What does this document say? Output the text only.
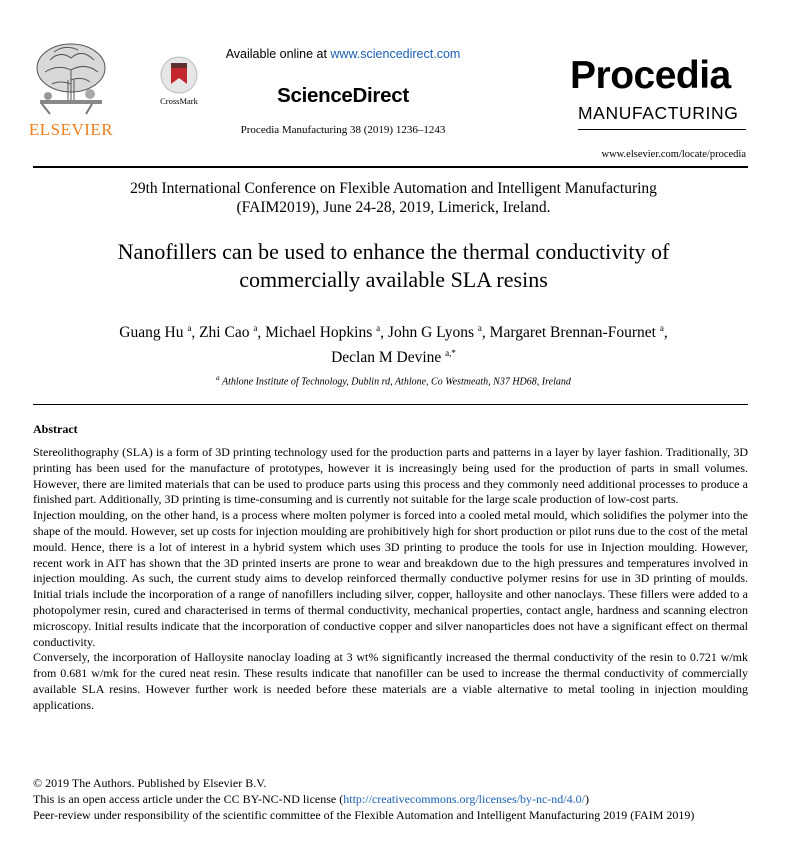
ELSEVIER
CrossMark
Available online at www.sciencedirect.com
ScienceDirect
Procedia Manufacturing 38 (2019) 1236–1243
Procedia
MANUFACTURING
www.elsevier.com/locate/procedia
29th International Conference on Flexible Automation and Intelligent Manufacturing
(FAIM2019), June 24-28, 2019, Limerick, Ireland.
Nanofillers can be used to enhance the thermal conductivity of
commercially available SLA resins
Guang Hu $^a$, Zhi Cao $^a$, Michael Hopkins $^a$, John G Lyons $^a$, Margaret Brennan-Fournet $^a$,
Declan M Devine $^{a,*}$
$^a$ Athlone Institute of Technology, Dublin rd, Athlone, Co Westmeath, N37 HD68, Ireland
Abstract

Stereolithography (SLA) is a form of 3D printing technology used for the production parts and patterns in a layer by layer fashion. Traditionally, 3D printing has been used for the manufacture of prototypes, however it is increasingly being used for the production of parts in small volumes. However, there are limited materials that can be used to produce parts using this process and they commonly need additional processes to produce a finished part. Additionally, 3D printing is time-consuming and is currently not suitable for the large scale production of low-cost parts.

Injection moulding, on the other hand, is a process where molten polymer is forced into a cooled metal mould, which solidifies the polymer into the shape of the mould. However, set up costs for injection moulding are prohibitively high for short production or pilot runs due to the cost of the metal mould. Hence, there is a lot of interest in a hybrid system which uses 3D printing to produce the tools for use in Injection moulding. However, recent work in AIT has shown that the 3D printed inserts are prone to wear and breakdown due to the high pressures and temperatures involved in injection moulding. As such, the current study aims to develop reinforced thermally conductive polymer resins for use in 3D printing of moulds. Initial trials include the incorporation of a range of nanofillers including silver, copper, halloysite and other nanoclays. These fillers were added to a photopolymer resin, cured and characterised in terms of thermal conductivity, mechanical properties, contact angle, hardness and scanning electron microscopy. Initial results indicate that the incorporation of conductive copper and silver nanoparticles does not have a significant effect on thermal conductivity.

Conversely, the incorporation of Halloysite nanoclay loading at 3 wt% significantly increased the thermal conductivity of the resin to 0.721 w/mk from 0.681 w/mk for the cured neat resin. These results indicate that nanofiller can be used to increase the thermal conductivity of commercially available SLA resins. However further work is needed before these materials are a viable alternative to metal tooling in injection moulding applications.

© 2019 The Authors. Published by Elsevier B.V.
This is an open access article under the CC BY-NC-ND license (http://creativecommons.org/licenses/by-nc-nd/4.0/)
Peer-review under responsibility of the scientific committee of the Flexible Automation and Intelligent Manufacturing 2019 (FAIM 2019)
